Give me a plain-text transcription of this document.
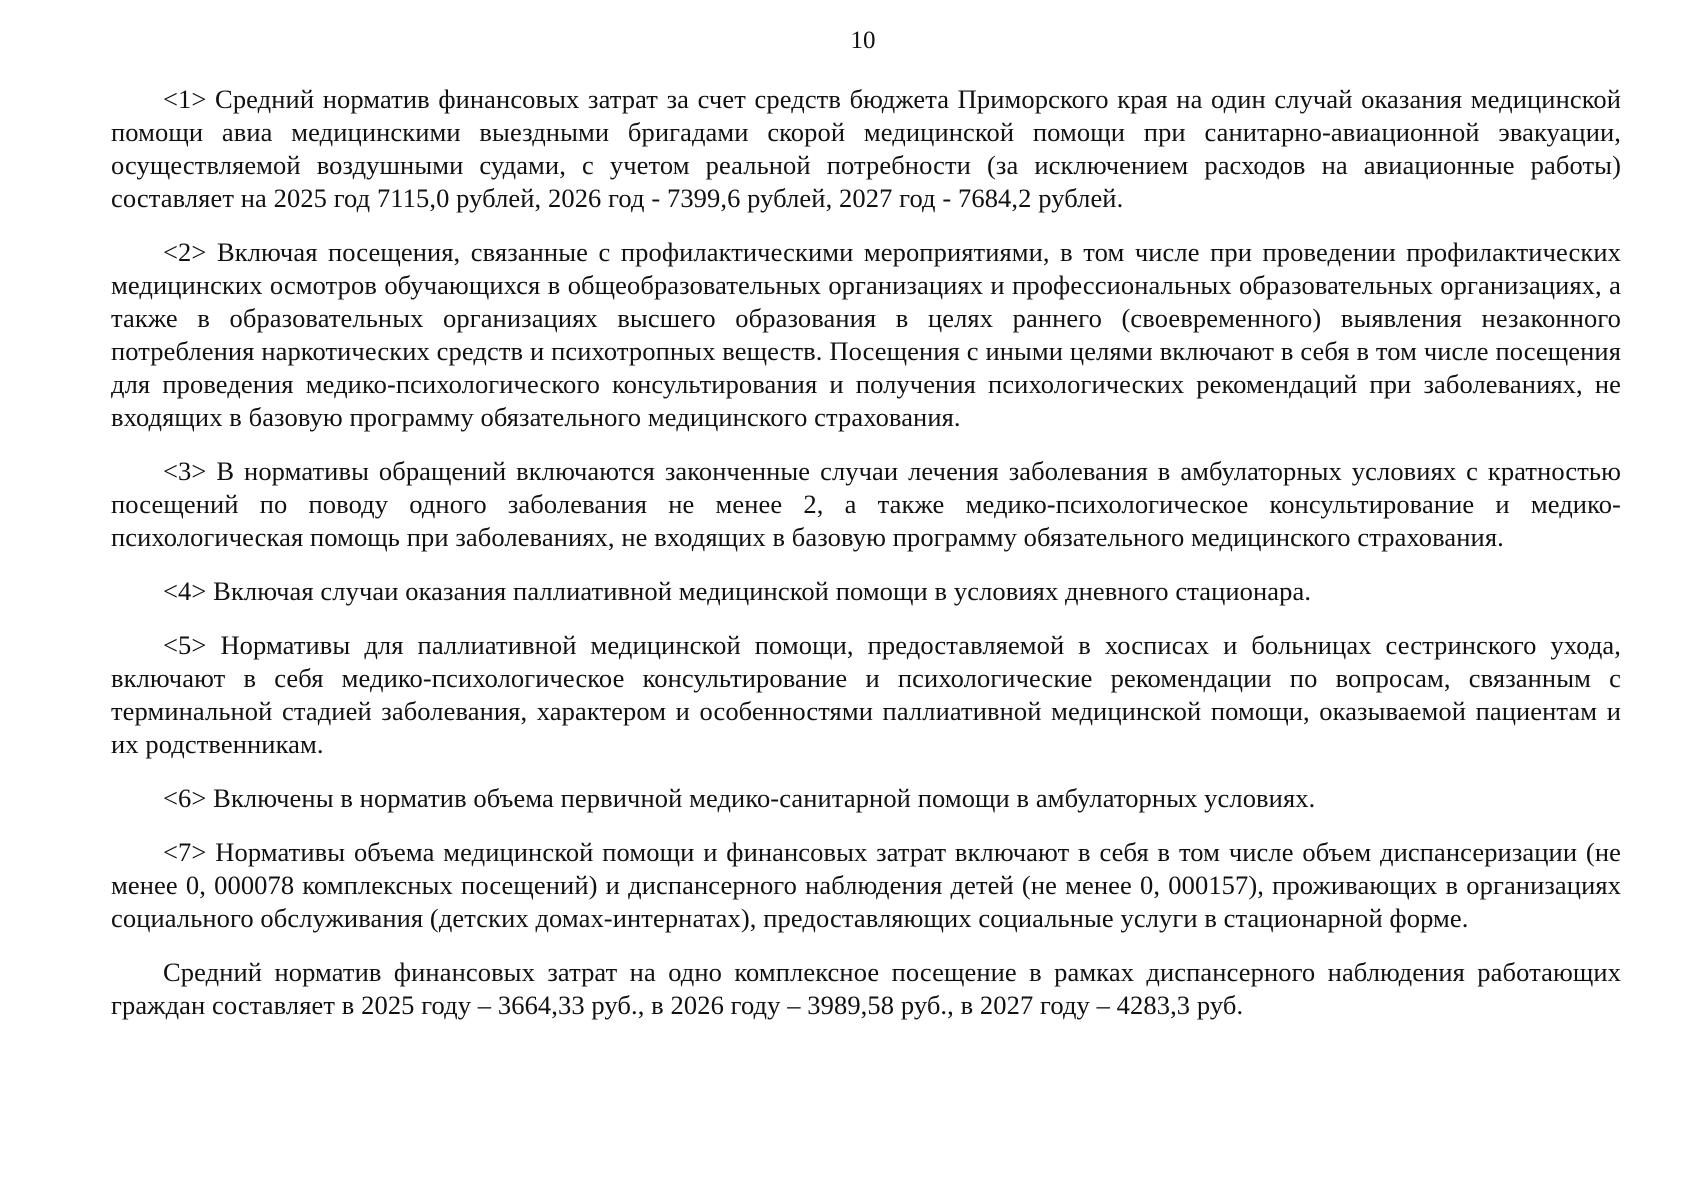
10

<1> Средний норматив финансовых затрат за счет средств бюджета Приморского края на один случай оказания медицинской помощи авиа медицинскими выездными бригадами скорой медицинской помощи при санитарно-авиационной эвакуации, осуществляемой воздушными судами, с учетом реальной потребности (за исключением расходов на авиационные работы) составляет на 2025 год 7115,0 рублей, 2026 год - 7399,6 рублей, 2027 год - 7684,2 рублей.

<2> Включая посещения, связанные с профилактическими мероприятиями, в том числе при проведении профилактических медицинских осмотров обучающихся в общеобразовательных организациях и профессиональных образовательных организациях, а также в образовательных организациях высшего образования в целях раннего (своевременного) выявления незаконного потребления наркотических средств и психотропных веществ. Посещения с иными целями включают в себя в том числе посещения для проведения медико-психологического консультирования и получения психологических рекомендаций при заболеваниях, не входящих в базовую программу обязательного медицинского страхования.

<3> В нормативы обращений включаются законченные случаи лечения заболевания в амбулаторных условиях с кратностью посещений по поводу одного заболевания не менее 2, а также медико-психологическое консультирование и медико-психологическая помощь при заболеваниях, не входящих в базовую программу обязательного медицинского страхования.

<4> Включая случаи оказания паллиативной медицинской помощи в условиях дневного стационара.

<5> Нормативы для паллиативной медицинской помощи, предоставляемой в хосписах и больницах сестринского ухода, включают в себя медико-психологическое консультирование и психологические рекомендации по вопросам, связанным с терминальной стадией заболевания, характером и особенностями паллиативной медицинской помощи, оказываемой пациентам и их родственникам.

<6> Включены в норматив объема первичной медико-санитарной помощи в амбулаторных условиях.

<7> Нормативы объема медицинской помощи и финансовых затрат включают в себя в том числе объем диспансеризации (не менее 0, 000078 комплексных посещений) и диспансерного наблюдения детей (не менее 0, 000157), проживающих в организациях социального обслуживания (детских домах-интернатах), предоставляющих социальные услуги в стационарной форме.

Средний норматив финансовых затрат на одно комплексное посещение в рамках диспансерного наблюдения работающих граждан составляет в 2025 году – 3664,33 руб., в 2026 году – 3989,58 руб., в 2027 году – 4283,3 руб.
